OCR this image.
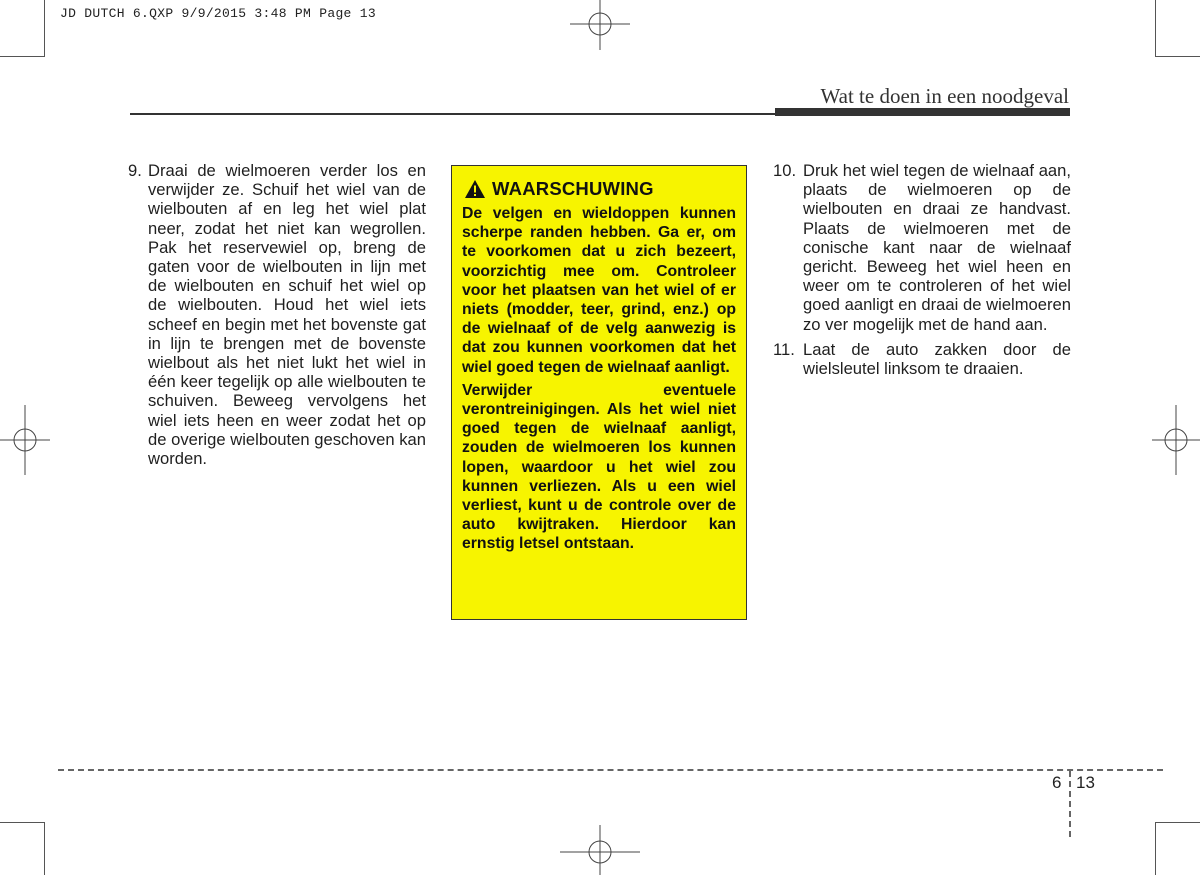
JD DUTCH 6.QXP 9/9/2015 3:48 PM Page 13
Wat te doen in een noodgeval
9. Draai de wielmoeren verder los en verwijder ze. Schuif het wiel van de wielbouten af en leg het wiel plat neer, zodat het niet kan wegrollen. Pak het reservewiel op, breng de gaten voor de wielbouten in lijn met de wielbouten en schuif het wiel op de wielbouten. Houd het wiel iets scheef en begin met het bovenste gat in lijn te brengen met de bovenste wielbout als het niet lukt het wiel in één keer tegelijk op alle wielbouten te schuiven. Beweeg vervolgens het wiel iets heen en weer zodat het op de overige wielbouten geschoven kan worden.
WAARSCHUWING

De velgen en wieldoppen kunnen scherpe randen hebben. Ga er, om te voorkomen dat u zich bezeert, voorzichtig mee om. Controleer voor het plaatsen van het wiel of er niets (modder, teer, grind, enz.) op de wielnaaf of de velg aanwezig is dat zou kunnen voorkomen dat het wiel goed tegen de wielnaaf aanligt.

Verwijder eventuele verontreinigingen. Als het wiel niet goed tegen de wielnaaf aanligt, zouden de wielmoeren los kunnen lopen, waardoor u het wiel zou kunnen verliezen. Als u een wiel verliest, kunt u de controle over de auto kwijtraken. Hierdoor kan ernstig letsel ontstaan.

10. Druk het wiel tegen de wielnaaf aan, plaats de wielmoeren op de wielbouten en draai ze handvast. Plaats de wielmoeren met de conische kant naar de wielnaaf gericht. Beweeg het wiel heen en weer om te controleren of het wiel goed aanligt en draai de wielmoeren zo ver mogelijk met de hand aan.
11. Laat de auto zakken door de wielsleutel linksom te draaien.
6 13
